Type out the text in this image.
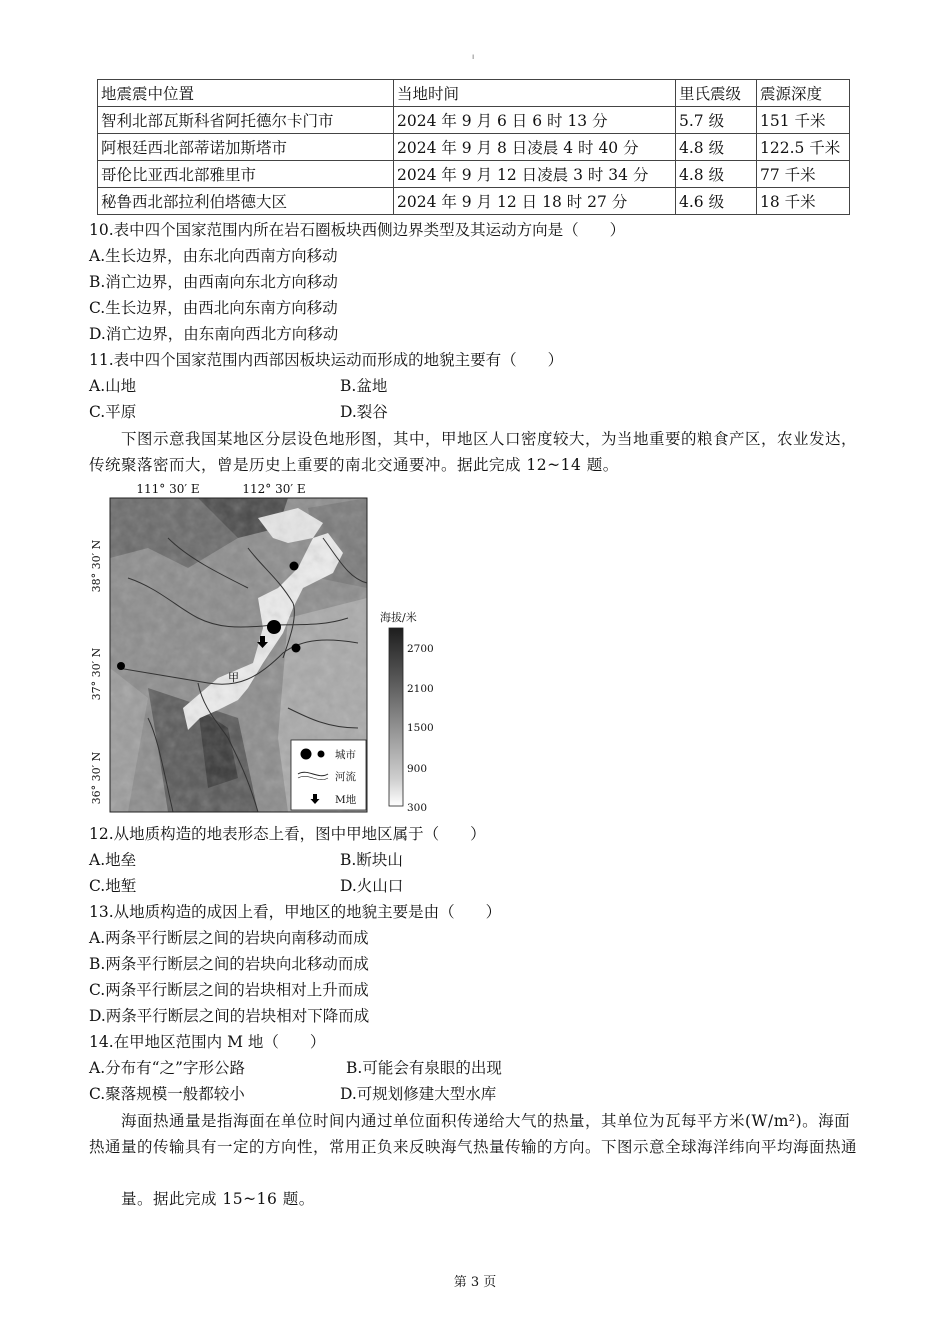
ı
地震震中位置	当地时间	里氏震级	震源深度
智利北部瓦斯科省阿托德尔卡门市	2024 年 9 月 6 日 6 时 13 分	5.7 级	151 千米
阿根廷西北部蒂诺加斯塔市	2024 年 9 月 8 日凌晨 4 时 40 分	4.8 级	122.5 千米
哥伦比亚西北部雅里市	2024 年 9 月 12 日凌晨 3 时 34 分	4.8 级	77 千米
秘鲁西北部拉利伯塔德大区	2024 年 9 月 12 日 18 时 27 分	4.6 级	18 千米
10.表中四个国家范围内所在岩石圈板块西侧边界类型及其运动方向是（　　）
A.生长边界，由东北向西南方向移动
B.消亡边界，由西南向东北方向移动
C.生长边界，由西北向东南方向移动
D.消亡边界，由东南向西北方向移动
11.表中四个国家范围内西部因板块运动而形成的地貌主要有（　　）
A.山地	B.盆地
C.平原	D.裂谷
下图示意我国某地区分层设色地形图，其中，甲地区人口密度较大，为当地重要的粮食产区，农业发达，传统聚落密而大，曾是历史上重要的南北交通要冲。据此完成 12~14 题。
111° 30′ E	112° 30′ E
38° 30′ N
37° 30′ N
36° 30′ N
甲
海拔/米
2700
2100
1500
900
300
城市
河流
M地
12.从地质构造的地表形态上看，图中甲地区属于（　　）
A.地垒	B.断块山
C.地堑	D.火山口
13.从地质构造的成因上看，甲地区的地貌主要是由（　　）
A.两条平行断层之间的岩块向南移动而成
B.两条平行断层之间的岩块向北移动而成
C.两条平行断层之间的岩块相对上升而成
D.两条平行断层之间的岩块相对下降而成
14.在甲地区范围内 M 地（　　）
A.分布有“之”字形公路	B.可能会有泉眼的出现
C.聚落规模一般都较小	D.可规划修建大型水库
海面热通量是指海面在单位时间内通过单位面积传递给大气的热量，其单位为瓦每平方米(W/m²)。海面热通量的传输具有一定的方向性，常用正负来反映海气热量传输的方向。下图示意全球海洋纬向平均海面热通
量。据此完成 15~16 题。
第 3 页
